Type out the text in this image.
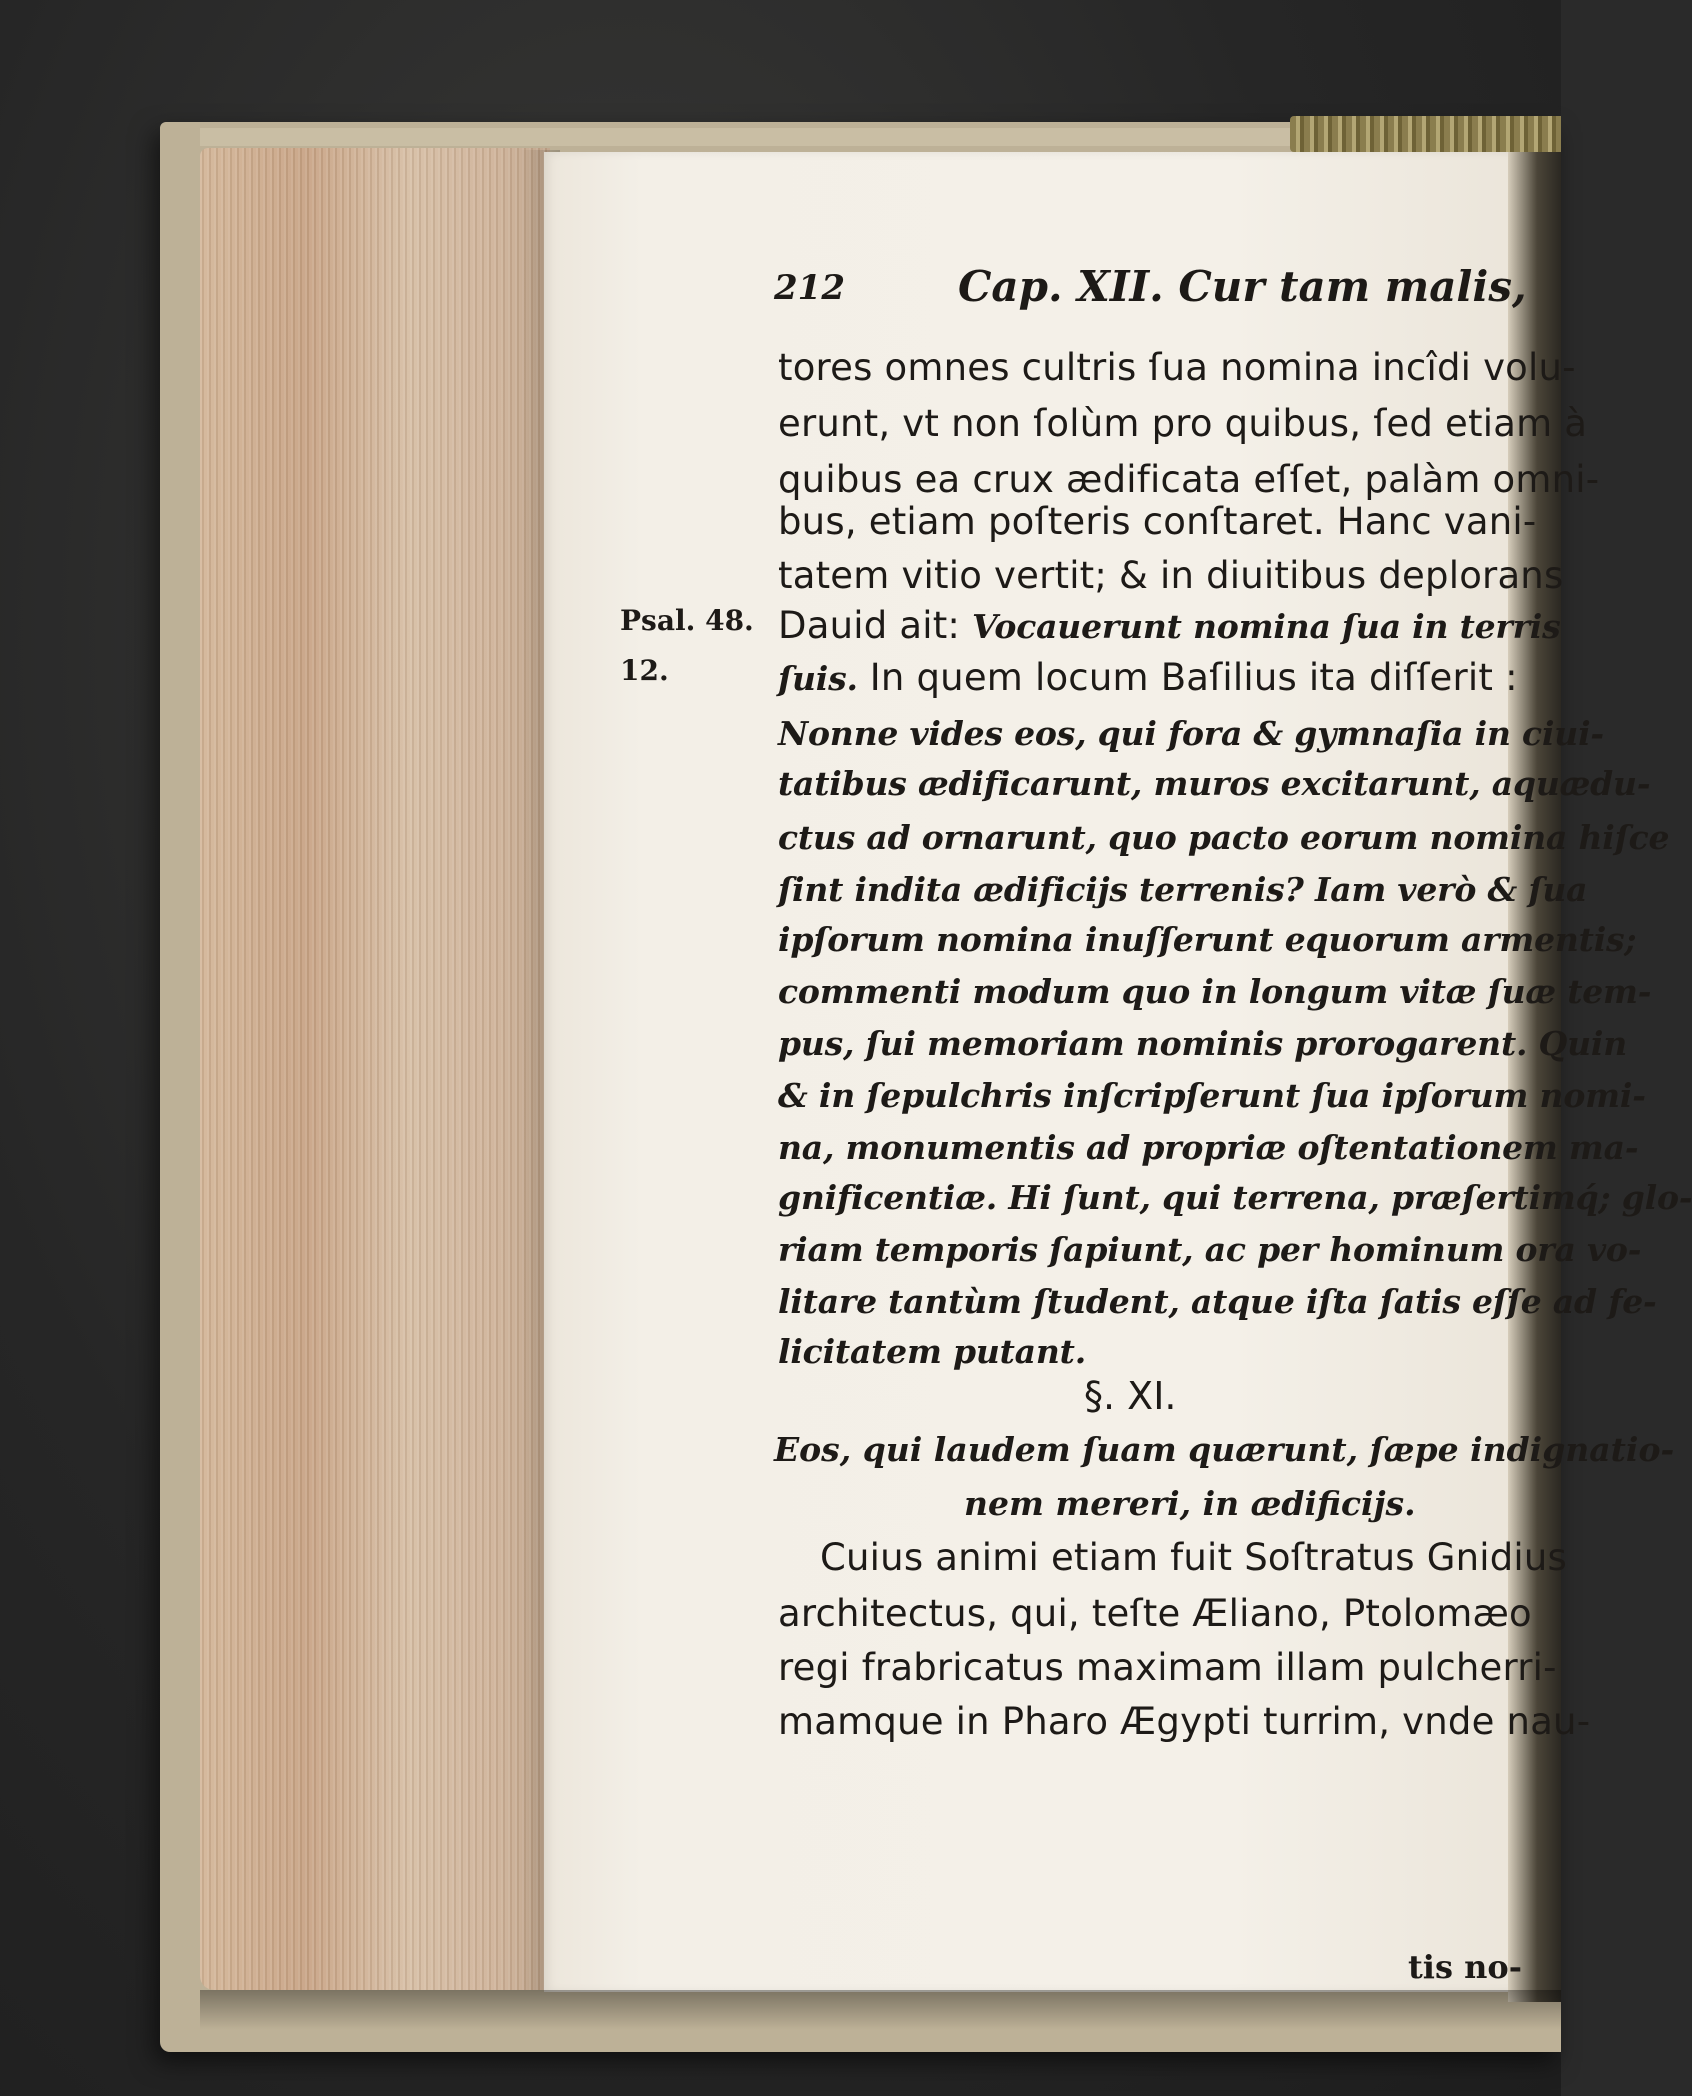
212	Cap. XII. Cur tam malis,
Psal. 48.
12.
tores omnes cultris ſua nomina incîdi volu-
erunt, vt non ſolùm pro quibus, ſed etiam à
quibus ea crux ædificata eſſet, palàm omni-
bus, etiam poſteris conſtaret. Hanc vani-
tatem vitio vertit; & in diuitibus deplorans
Dauid ait: Vocauerunt nomina ſua in terris
ſuis. In quem locum Baſilius ita diſſerit :
Nonne vides eos, qui fora & gymnaſia in ciui-
tatibus ædificarunt, muros excitarunt, aquædu-
ctus ad ornarunt, quo pacto eorum nomina hiſce
ſint indita ædificijs terrenis? Iam verò & ſua
ipſorum nomina inuſſerunt equorum armentis;
commenti modum quo in longum vitæ ſuæ tem-
pus, ſui memoriam nominis prorogarent. Quin
& in ſepulchris inſcripſerunt ſua ipſorum nomi-
na, monumentis ad propriæ oſtentationem ma-
gnificentiæ. Hi ſunt, qui terrena, præſertimq́; glo-
riam temporis ſapiunt, ac per hominum ora vo-
litare tantùm ſtudent, atque iſta ſatis eſſe ad fe-
licitatem putant.
§. XI.
Eos, qui laudem ſuam quærunt, ſæpe indignatio-
nem mereri, in ædificijs.
Cuius animi etiam fuit Soſtratus Gnidius
architectus, qui, teſte Æliano, Ptolomæo
regi frabricatus maximam illam pulcherri-
mamque in Pharo Ægypti turrim, vnde nau-
tis no-
